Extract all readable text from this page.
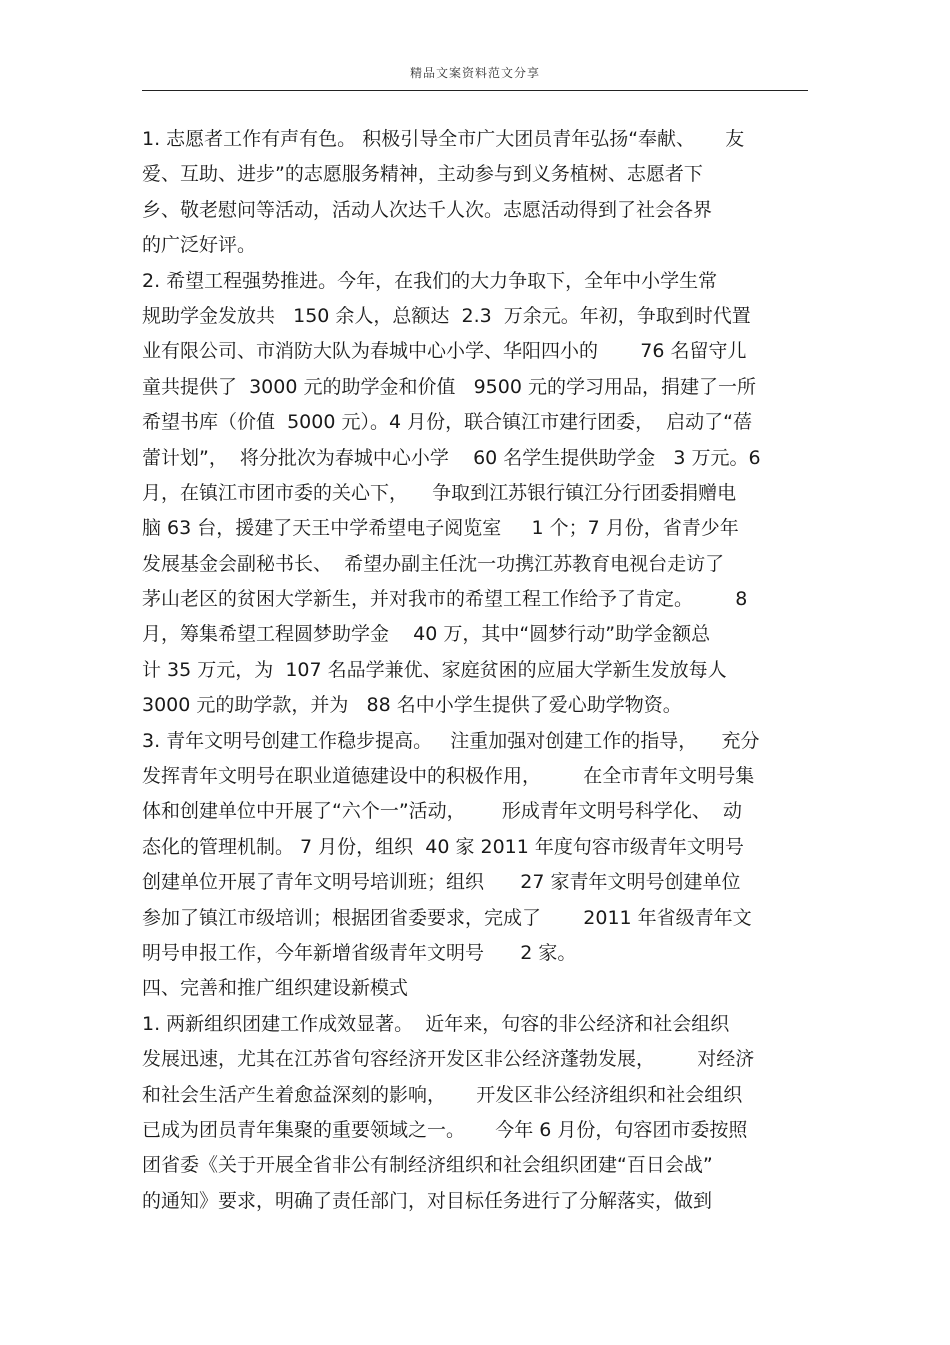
精品文案资料范文分享
1. 志愿者工作有声有色。 积极引导全市广大团员青年弘扬“奉献、     友
爱、互助、进步”的志愿服务精神，主动参与到义务植树、志愿者下
乡、敬老慰问等活动，活动人次达千人次。志愿活动得到了社会各界
的广泛好评。
2. 希望工程强势推进。今年，在我们的大力争取下，全年中小学生常
规助学金发放共   150 余人，总额达  2.3  万余元。年初，争取到时代置
业有限公司、市消防大队为春城中心小学、华阳四小的       76 名留守儿
童共提供了  3000 元的助学金和价值   9500 元的学习用品，捐建了一所
希望书库（价值  5000 元）。4 月份，联合镇江市建行团委，  启动了“蓓
蕾计划”，  将分批次为春城中心小学    60 名学生提供助学金   3 万元。6
月，在镇江市团市委的关心下，    争取到江苏银行镇江分行团委捐赠电
脑 63 台，援建了天王中学希望电子阅览室     1 个；7 月份，省青少年
发展基金会副秘书长、  希望办副主任沈一功携江苏教育电视台走访了
茅山老区的贫困大学新生，并对我市的希望工程工作给予了肯定。       8
月，筹集希望工程圆梦助学金    40 万，其中“圆梦行动”助学金额总
计 35 万元，为  107 名品学兼优、家庭贫困的应届大学新生发放每人
3000 元的助学款，并为   88 名中小学生提供了爱心助学物资。
3. 青年文明号创建工作稳步提高。   注重加强对创建工作的指导，    充分
发挥青年文明号在职业道德建设中的积极作用，       在全市青年文明号集
体和创建单位中开展了“六个一”活动，      形成青年文明号科学化、  动
态化的管理机制。 7 月份，组织  40 家 2011 年度句容市级青年文明号
创建单位开展了青年文明号培训班；组织      27 家青年文明号创建单位
参加了镇江市级培训；根据团省委要求，完成了       2011 年省级青年文
明号申报工作，今年新增省级青年文明号      2 家。
四、完善和推广组织建设新模式
1. 两新组织团建工作成效显著。  近年来，句容的非公经济和社会组织
发展迅速，尤其在江苏省句容经济开发区非公经济蓬勃发展，       对经济
和社会生活产生着愈益深刻的影响，     开发区非公经济组织和社会组织
已成为团员青年集聚的重要领域之一。     今年 6 月份，句容团市委按照
团省委《关于开展全省非公有制经济组织和社会组织团建“百日会战”
的通知》要求，明确了责任部门，对目标任务进行了分解落实，做到
